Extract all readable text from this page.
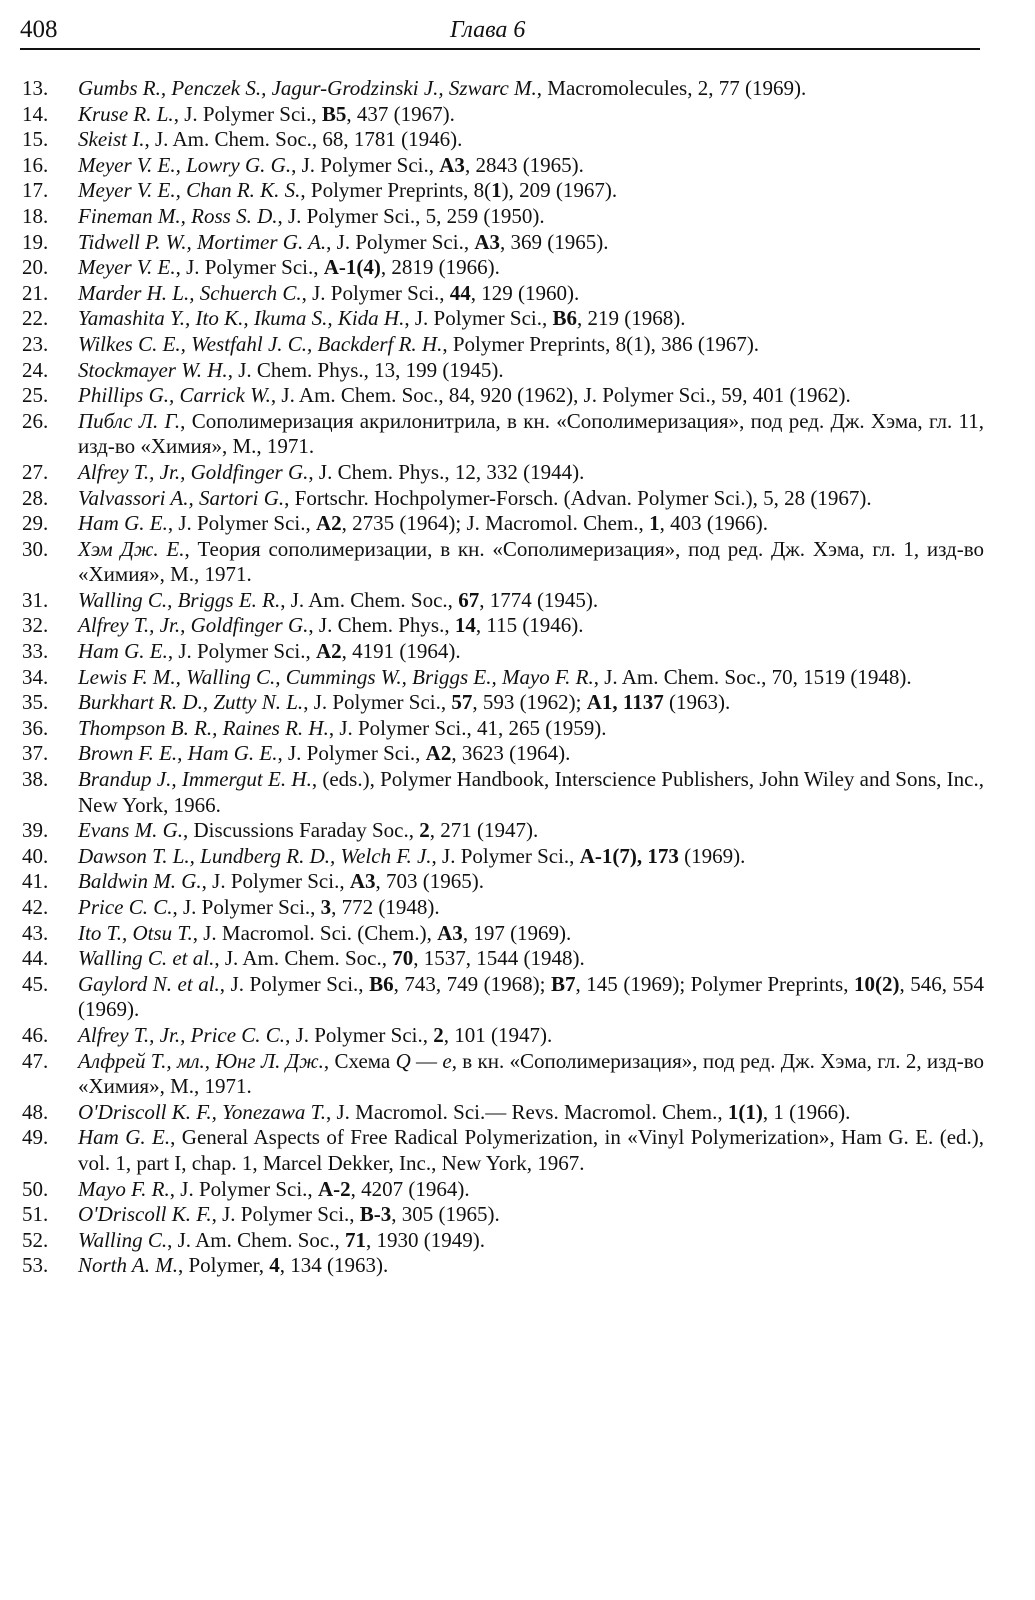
408	Глава 6
13.	Gumbs R., Penczek S., Jagur-Grodzinski J., Szwarc M., Macromolecules, 2, 77 (1969).
14.	Kruse R. L., J. Polymer Sci., B5, 437 (1967).
15.	Skeist I., J. Am. Chem. Soc., 68, 1781 (1946).
16.	Meyer V. E., Lowry G. G., J. Polymer Sci., A3, 2843 (1965).
17.	Meyer V. E., Chan R. K. S., Polymer Preprints, 8(1), 209 (1967).
18.	Fineman M., Ross S. D., J. Polymer Sci., 5, 259 (1950).
19.	Tidwell P. W., Mortimer G. A., J. Polymer Sci., A3, 369 (1965).
20.	Meyer V. E., J. Polymer Sci., A-1(4), 2819 (1966).
21.	Marder H. L., Schuerch C., J. Polymer Sci., 44, 129 (1960).
22.	Yamashita Y., Ito K., Ikuma S., Kida H., J. Polymer Sci., B6, 219 (1968).
23.	Wilkes C. E., Westfahl J. C., Backderf R. H., Polymer Preprints, 8(1), 386 (1967).
24.	Stockmayer W. H., J. Chem. Phys., 13, 199 (1945).
25.	Phillips G., Carrick W., J. Am. Chem. Soc., 84, 920 (1962), J. Polymer Sci., 59, 401 (1962).
26.	Пиблс Л. Г., Сополимеризация акрилонитрила, в кн. «Сополимеризация», под ред. Дж. Хэма, гл. 11, изд-во «Химия», М., 1971.
27.	Alfrey T., Jr., Goldfinger G., J. Chem. Phys., 12, 332 (1944).
28.	Valvassori A., Sartori G., Fortschr. Hochpolymer-Forsch. (Advan. Polymer Sci.), 5, 28 (1967).
29.	Ham G. E., J. Polymer Sci., A2, 2735 (1964); J. Macromol. Chem., 1, 403 (1966).
30.	Хэм Дж. Е., Теория сополимеризации, в кн. «Сополимеризация», под ред. Дж. Хэма, гл. 1, изд-во «Химия», М., 1971.
31.	Walling C., Briggs E. R., J. Am. Chem. Soc., 67, 1774 (1945).
32.	Alfrey T., Jr., Goldfinger G., J. Chem. Phys., 14, 115 (1946).
33.	Ham G. E., J. Polymer Sci., A2, 4191 (1964).
34.	Lewis F. M., Walling C., Cummings W., Briggs E., Mayo F. R., J. Am. Chem. Soc., 70, 1519 (1948).
35.	Burkhart R. D., Zutty N. L., J. Polymer Sci., 57, 593 (1962); A1, 1137 (1963).
36.	Thompson B. R., Raines R. H., J. Polymer Sci., 41, 265 (1959).
37.	Brown F. E., Ham G. E., J. Polymer Sci., A2, 3623 (1964).
38.	Brandup J., Immergut E. H., (eds.), Polymer Handbook, Interscience Publishers, John Wiley and Sons, Inc., New York, 1966.
39.	Evans M. G., Discussions Faraday Soc., 2, 271 (1947).
40.	Dawson T. L., Lundberg R. D., Welch F. J., J. Polymer Sci., A-1(7), 173 (1969).
41.	Baldwin M. G., J. Polymer Sci., A3, 703 (1965).
42.	Price C. C., J. Polymer Sci., 3, 772 (1948).
43.	Ito T., Otsu T., J. Macromol. Sci. (Chem.), A3, 197 (1969).
44.	Walling C. et al., J. Am. Chem. Soc., 70, 1537, 1544 (1948).
45.	Gaylord N. et al., J. Polymer Sci., B6, 743, 749 (1968); B7, 145 (1969); Polymer Preprints, 10(2), 546, 554 (1969).
46.	Alfrey T., Jr., Price C. C., J. Polymer Sci., 2, 101 (1947).
47.	Алфрей Т., мл., Юнг Л. Дж., Схема Q — e, в кн. «Сополимеризация», под ред. Дж. Хэма, гл. 2, изд-во «Химия», М., 1971.
48.	O'Driscoll K. F., Yonezawa T., J. Macromol. Sci.— Revs. Macromol. Chem., 1(1), 1 (1966).
49.	Ham G. E., General Aspects of Free Radical Polymerization, in «Vinyl Polymerization», Ham G. E. (ed.), vol. 1, part I, chap. 1, Marcel Dekker, Inc., New York, 1967.
50.	Mayo F. R., J. Polymer Sci., A-2, 4207 (1964).
51.	O'Driscoll K. F., J. Polymer Sci., B-3, 305 (1965).
52.	Walling C., J. Am. Chem. Soc., 71, 1930 (1949).
53.	North A. M., Polymer, 4, 134 (1963).
